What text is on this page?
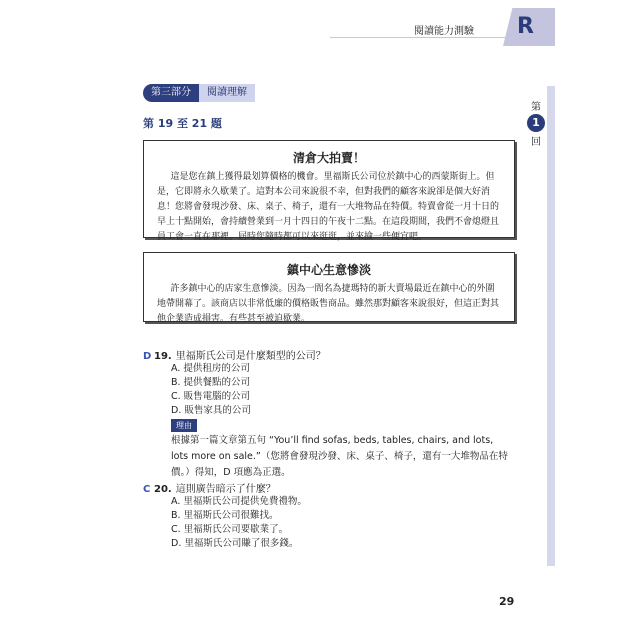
閱讀能力測驗 R
第
1
回
第三部分	閱讀理解
第 19 至 21 題
清倉大拍賣！
這是您在鎮上獲得最划算價格的機會。里福斯氏公司位於鎮中心的西蒙斯街上。但是，它即將永久歇業了。這對本公司來說很不幸，但對我們的顧客來說卻是個大好消息！您將會發現沙發、床、桌子、椅子，還有一大堆物品在特價。特賣會從一月十日的早上十點開始，會持續營業到一月十四日的午夜十二點。在這段期間，我們不會熄燈且員工會一直在那裡。屆時您隨時都可以來逛逛，並來撿一些便宜吧。
鎮中心生意慘淡
許多鎮中心的店家生意慘淡。因為一間名為捷瑪特的新大賣場最近在鎮中心的外圍地帶開幕了。該商店以非常低廉的價格販售商品。雖然那對顧客來說很好，但這正對其他企業造成損害。有些甚至被迫歇業。
D 19. 里福斯氏公司是什麼類型的公司？
A. 提供租房的公司
B. 提供餐點的公司
C. 販售電腦的公司
D. 販售家具的公司
理由
根據第一篇文章第五句 “You’ll find sofas, beds, tables, chairs, and lots, lots more on sale.”（您將會發現沙發、床、桌子、椅子，還有一大堆物品在特價。）得知，D 項應為正選。
C 20. 這則廣告暗示了什麼？
A. 里福斯氏公司提供免費禮物。
B. 里福斯氏公司很難找。
C. 里福斯氏公司要歇業了。
D. 里福斯氏公司賺了很多錢。
29
